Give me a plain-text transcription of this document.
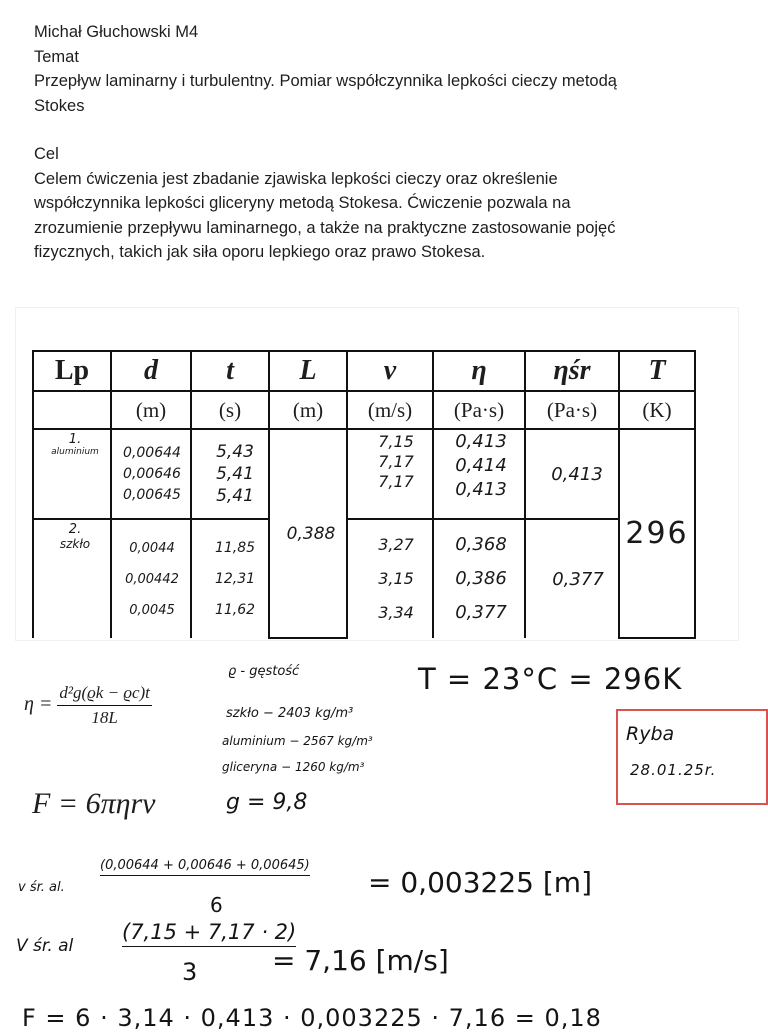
Michał Głuchowski M4
Temat
Przepływ laminarny i turbulentny. Pomiar współczynnika lepkości cieczy metodą
Stokes
Cel
Celem ćwiczenia jest zbadanie zjawiska lepkości cieczy oraz określenie
współczynnika lepkości gliceryny metodą Stokesa. Ćwiczenie pozwala na
zrozumienie przepływu laminarnego, a także na praktyczne zastosowanie pojęć
fizycznych, takich jak siła oporu lepkiego oraz prawo Stokesa.
Lp	d	t	L	v	η	ηśr	T
	(m)	(s)	(m)	(m/s)	(Pa·s)	(Pa·s)	(K)

1.
aluminium	0,00644 0,00646 0,00645	5,43 5,41 5,41	0,388	7,15 7,17 7,17	0,413 0,414 0,413	0,413	296

2.
szkło	0,0044 0,00442 0,0045	11,85 12,31 11,62		3,27 3,15 3,34	0,368 0,386 0,377	0,377	
$\eta = \frac{\text{d²g(ϱk − ϱc)t}}{18L}$
F = 6πηrv
ϱ - gęstość
szkło − 2403 kg/m³
aluminium − 2567 kg/m³
gliceryna − 1260 kg/m³
g = 9,8
T = 23°C = 296K
Ryba
28.01.25r.
v śr. al.
(0,00644 + 0,00646 + 0,00645)
6
= 0,003225 [m]
V śr. al
(7,15 + 7,17 · 2)
3	= 7,16 [m/s]
F = 6 · 3,14 · 0,413 · 0,003225 · 7,16 = 0,18
